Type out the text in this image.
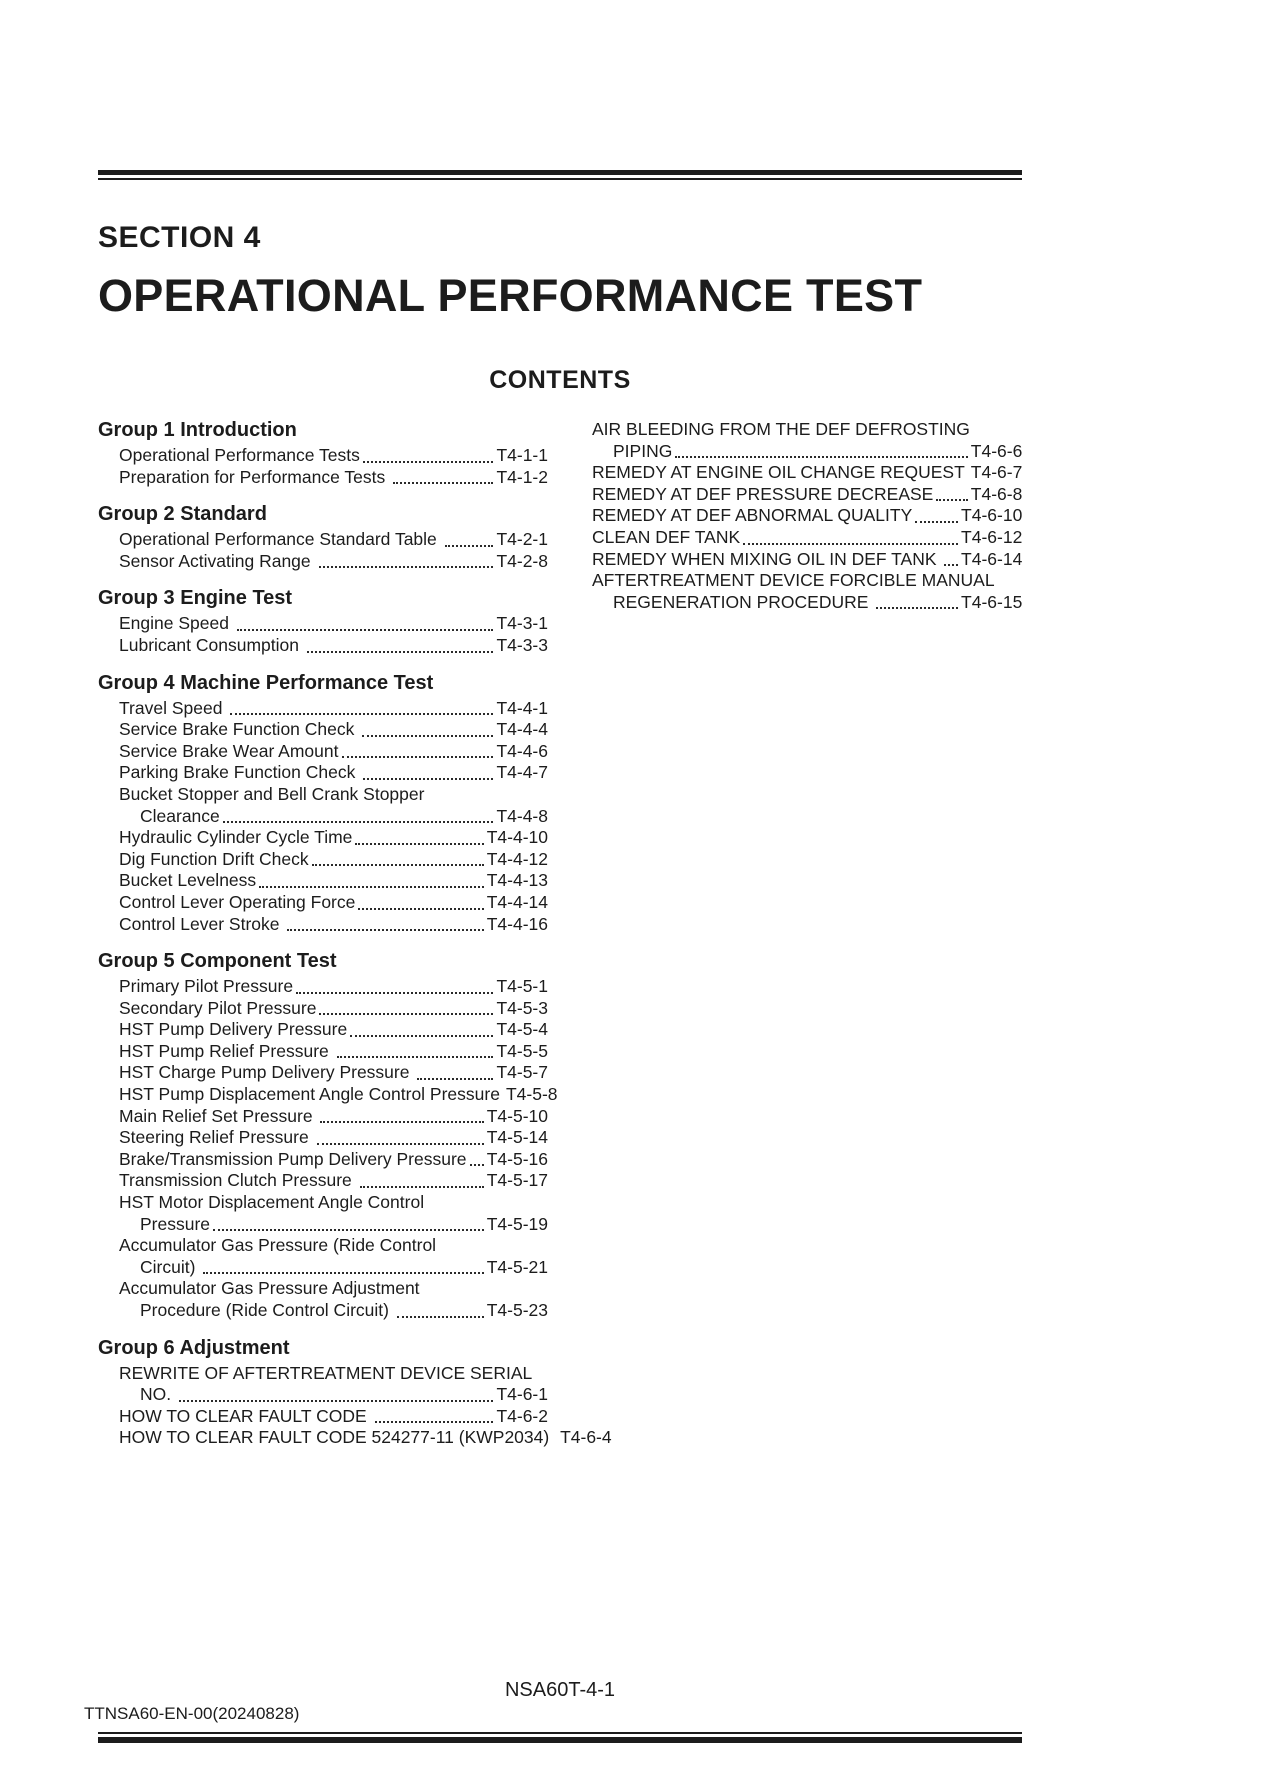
SECTION 4
OPERATIONAL PERFORMANCE TEST
CONTENTS
Group 1 Introduction
Operational Performance Tests	T4-1-1
Preparation for Performance Tests	T4-1-2
Group 2 Standard
Operational Performance Standard Table	T4-2-1
Sensor Activating Range	T4-2-8
Group 3 Engine Test
Engine Speed	T4-3-1
Lubricant Consumption	T4-3-3
Group 4 Machine Performance Test
Travel Speed	T4-4-1
Service Brake Function Check	T4-4-4
Service Brake Wear Amount	T4-4-6
Parking Brake Function Check	T4-4-7
Bucket Stopper and Bell Crank Stopper
Clearance	T4-4-8
Hydraulic Cylinder Cycle Time	T4-4-10
Dig Function Drift Check	T4-4-12
Bucket Levelness	T4-4-13
Control Lever Operating Force	T4-4-14
Control Lever Stroke	T4-4-16
Group 5 Component Test
Primary Pilot Pressure	T4-5-1
Secondary Pilot Pressure	T4-5-3
HST Pump Delivery Pressure	T4-5-4
HST Pump Relief Pressure	T4-5-5
HST Charge Pump Delivery Pressure	T4-5-7
HST Pump Displacement Angle Control Pressure T4-5-8
Main Relief Set Pressure	T4-5-10
Steering Relief Pressure	T4-5-14
Brake/Transmission Pump Delivery Pressure T4-5-16
Transmission Clutch Pressure	T4-5-17
HST Motor Displacement Angle Control
Pressure	T4-5-19
Accumulator Gas Pressure (Ride Control
Circuit)	T4-5-21
Accumulator Gas Pressure Adjustment
Procedure (Ride Control Circuit)	T4-5-23
Group 6 Adjustment
REWRITE OF AFTERTREATMENT DEVICE SERIAL
NO.	T4-6-1
HOW TO CLEAR FAULT CODE	T4-6-2
HOW TO CLEAR FAULT CODE 524277-11 (KWP2034) T4-6-4
AIR BLEEDING FROM THE DEF DEFROSTING
PIPING	T4-6-6
REMEDY AT ENGINE OIL CHANGE REQUEST T4-6-7
REMEDY AT DEF PRESSURE DECREASE T4-6-8
REMEDY AT DEF ABNORMAL QUALITY	T4-6-10
CLEAN DEF TANK	T4-6-12
REMEDY WHEN MIXING OIL IN DEF TANK T4-6-14
AFTERTREATMENT DEVICE FORCIBLE MANUAL
REGENERATION PROCEDURE	T4-6-15
NSA60T-4-1
TTNSA60-EN-00(20240828)
